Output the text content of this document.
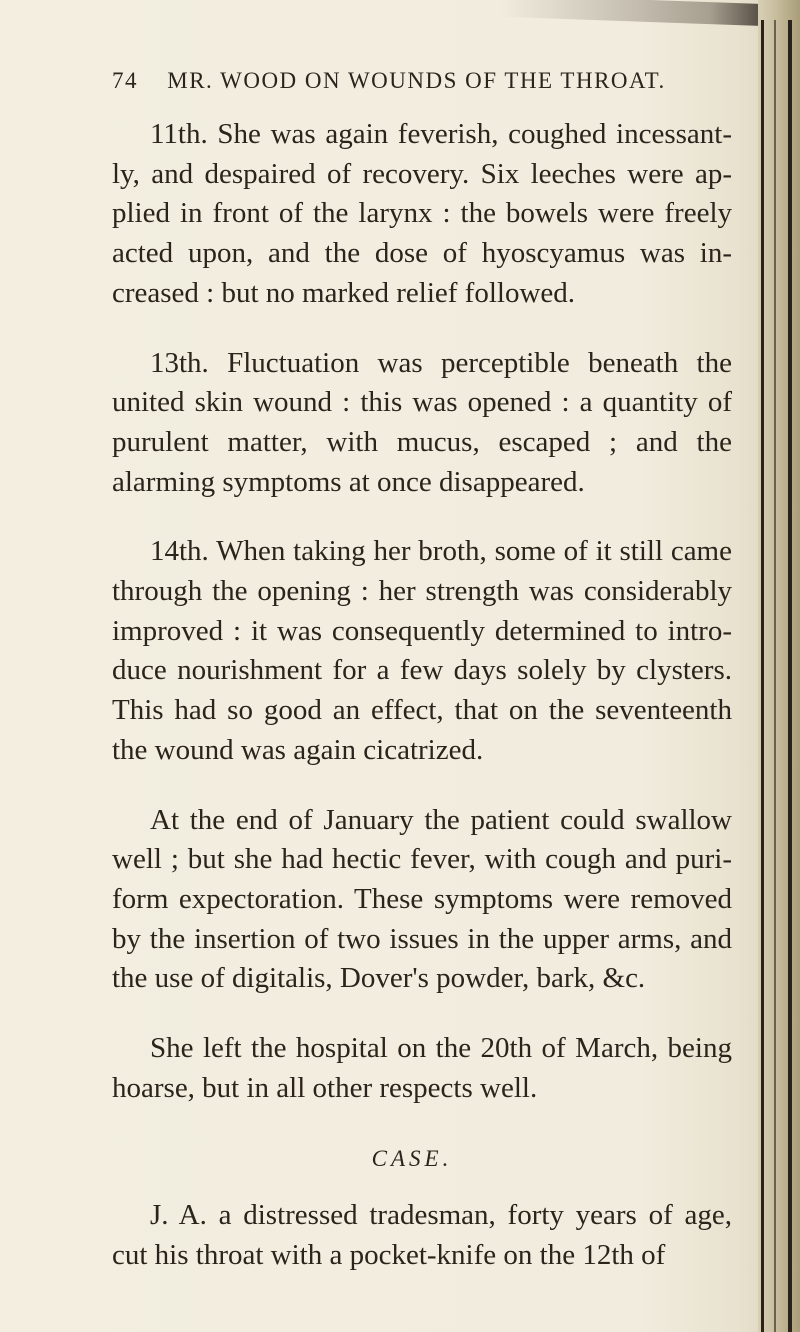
74 MR. WOOD ON WOUNDS OF THE THROAT.

11th. She was again feverish, coughed incessant- ly, and despaired of recovery. Six leeches were ap- plied in front of the larynx : the bowels were freely acted upon, and the dose of hyoscyamus was in- creased : but no marked relief followed.

13th. Fluctuation was perceptible beneath the united skin wound : this was opened : a quantity of purulent matter, with mucus, escaped ; and the alarming symptoms at once disappeared.

14th. When taking her broth, some of it still came through the opening : her strength was considerably improved : it was consequently determined to intro- duce nourishment for a few days solely by clysters. This had so good an effect, that on the seventeenth the wound was again cicatrized.

At the end of January the patient could swallow well ; but she had hectic fever, with cough and puri- form expectoration. These symptoms were removed by the insertion of two issues in the upper arms, and the use of digitalis, Dover's powder, bark, &c.

She left the hospital on the 20th of March, being hoarse, but in all other respects well.

CASE.

J. A. a distressed tradesman, forty years of age, cut his throat with a pocket-knife on the 12th of
